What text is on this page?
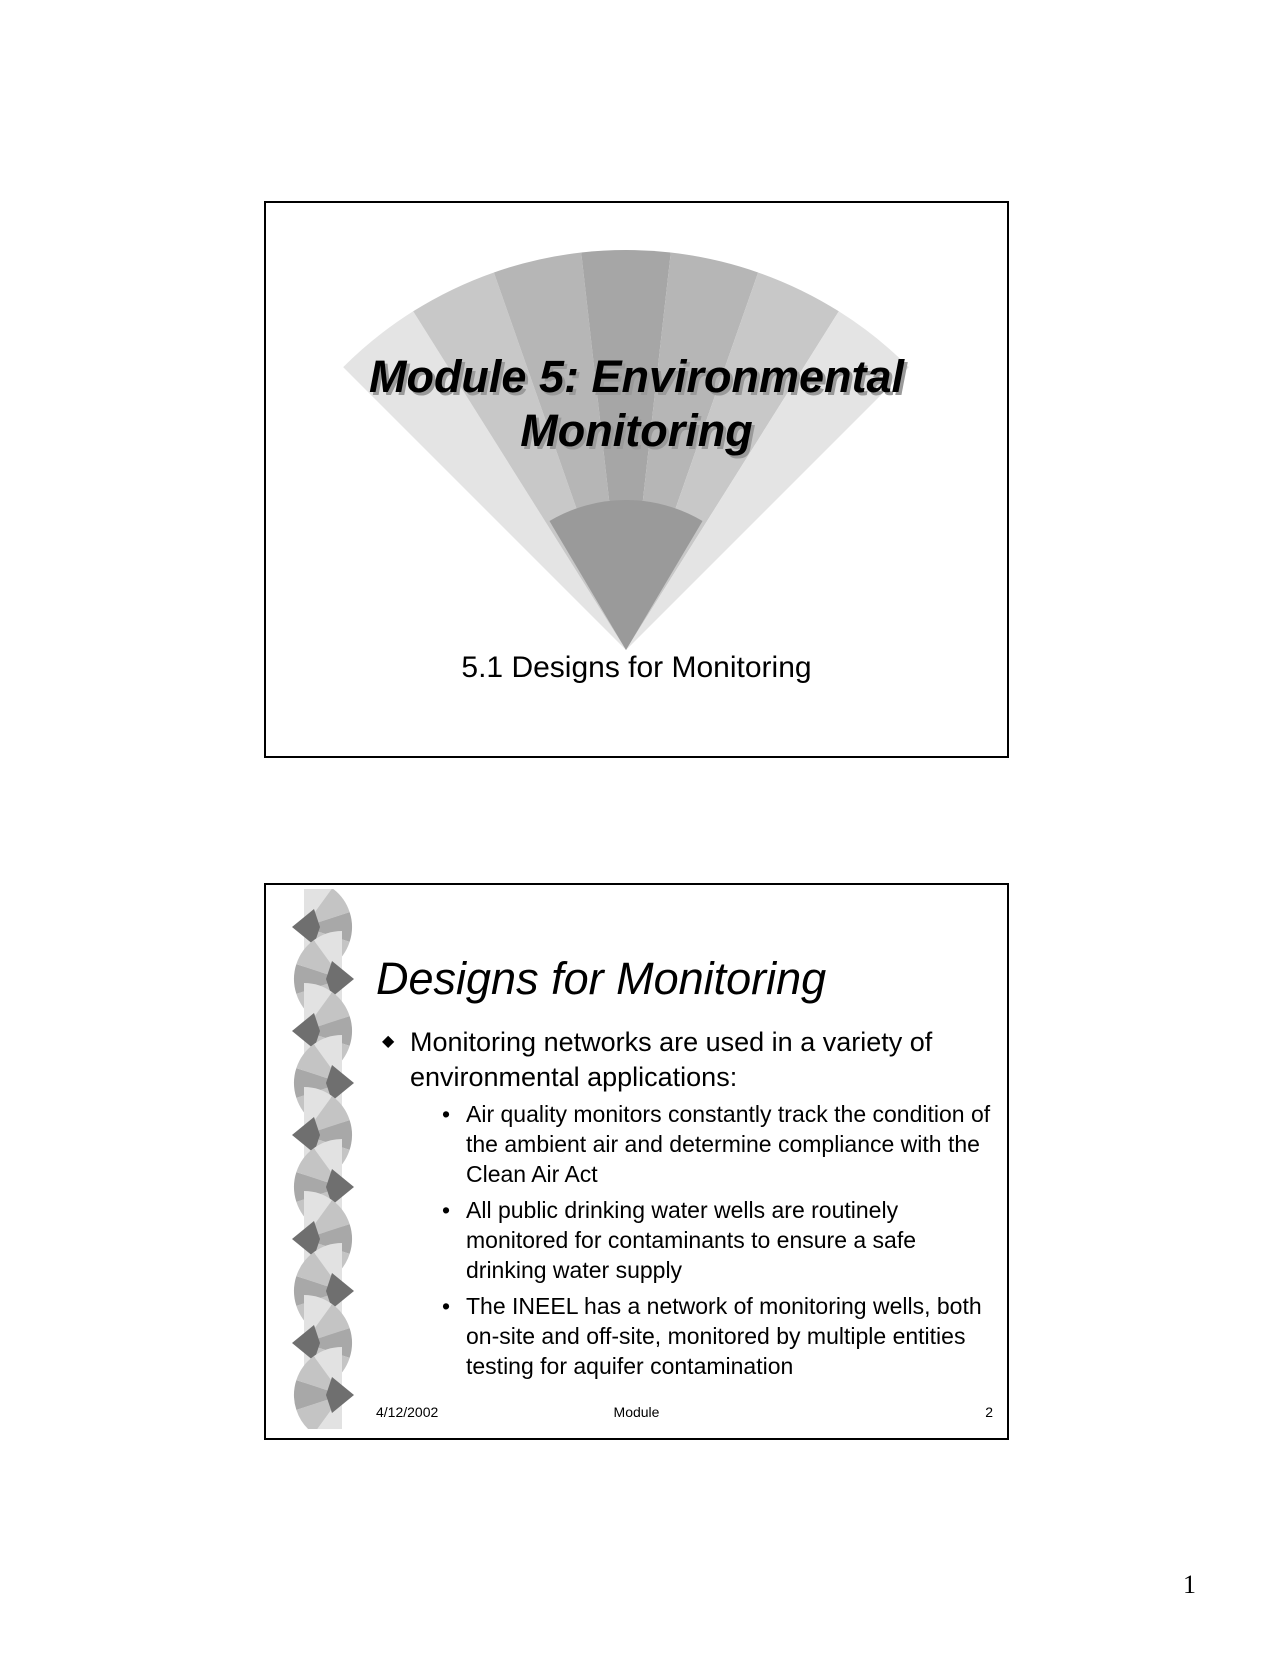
Module 5: Environmental
Monitoring
5.1 Designs for Monitoring
Designs for Monitoring
◆ Monitoring networks are used in a variety of environmental applications:
• Air quality monitors constantly track the condition of the ambient air and determine compliance with the Clean Air Act
• All public drinking water wells are routinely monitored for contaminants to ensure a safe drinking water supply
• The INEEL has a network of monitoring wells, both on-site and off-site, monitored by multiple entities testing for aquifer contamination
4/12/2002	Module	2
1
